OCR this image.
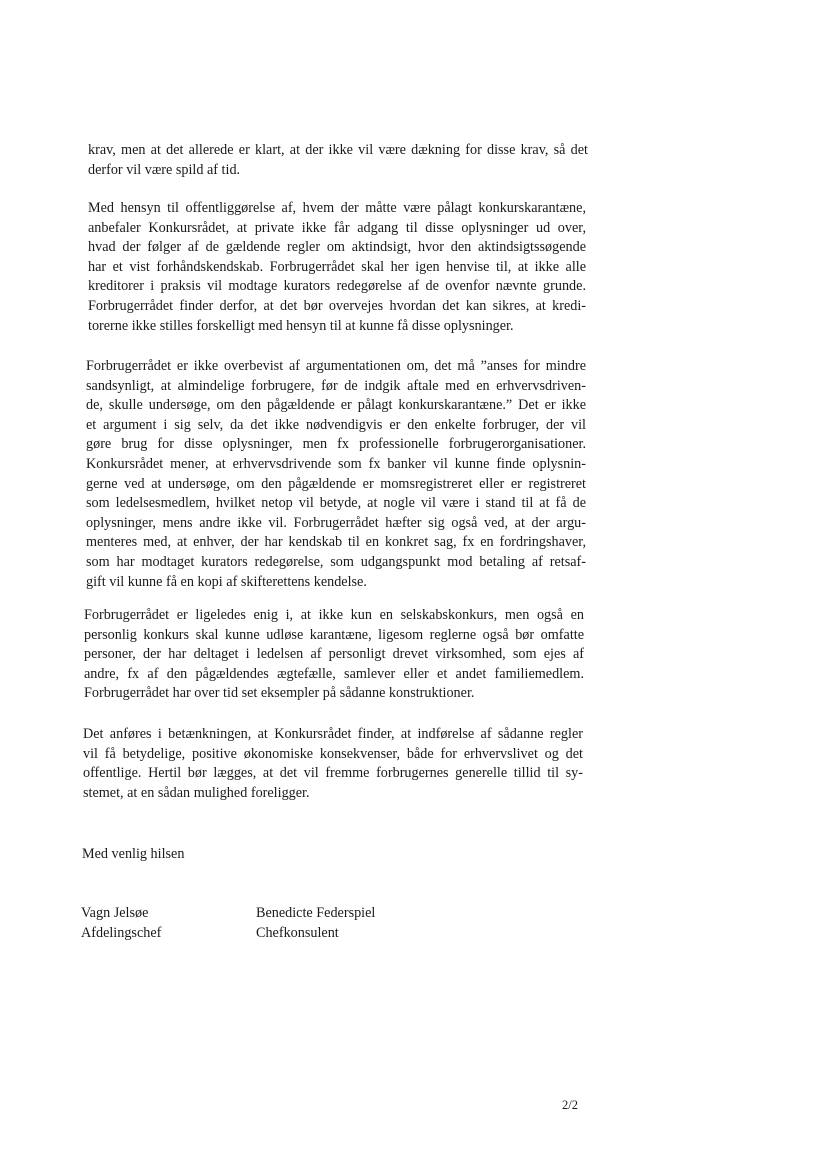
krav, men at det allerede er klart, at der ikke vil være dækning for disse krav, så det
derfor vil være spild af tid.

Med hensyn til offentliggørelse af, hvem der måtte være pålagt konkurskarantæne,
anbefaler Konkursrådet, at private ikke får adgang til disse oplysninger ud over,
hvad der følger af de gældende regler om aktindsigt, hvor den aktindsigtssøgende
har et vist forhåndskendskab. Forbrugerrådet skal her igen henvise til, at ikke alle
kreditorer i praksis vil modtage kurators redegørelse af de ovenfor nævnte grunde.
Forbrugerrådet finder derfor, at det bør overvejes hvordan det kan sikres, at kredi-
torerne ikke stilles forskelligt med hensyn til at kunne få disse oplysninger.

Forbrugerrådet er ikke overbevist af argumentationen om, det må ”anses for mindre
sandsynligt, at almindelige forbrugere, før de indgik aftale med en erhvervsdriven-
de, skulle undersøge, om den pågældende er pålagt konkurskarantæne.” Det er ikke
et argument i sig selv, da det ikke nødvendigvis er den enkelte forbruger, der vil
gøre brug for disse oplysninger, men fx professionelle forbrugerorganisationer.
Konkursrådet mener, at erhvervsdrivende som fx banker vil kunne finde oplysnin-
gerne ved at undersøge, om den pågældende er momsregistreret eller er registreret
som ledelsesmedlem, hvilket netop vil betyde, at nogle vil være i stand til at få de
oplysninger, mens andre ikke vil. Forbrugerrådet hæfter sig også ved, at der argu-
menteres med, at enhver, der har kendskab til en konkret sag, fx en fordringshaver,
som har modtaget kurators redegørelse, som udgangspunkt mod betaling af retsaf-
gift vil kunne få en kopi af skifterettens kendelse.

Forbrugerrådet er ligeledes enig i, at ikke kun en selskabskonkurs, men også en
personlig konkurs skal kunne udløse karantæne, ligesom reglerne også bør omfatte
personer, der har deltaget i ledelsen af personligt drevet virksomhed, som ejes af
andre, fx af den pågældendes ægtefælle, samlever eller et andet familiemedlem.
Forbrugerrådet har over tid set eksempler på sådanne konstruktioner.

Det anføres i betænkningen, at Konkursrådet finder, at indførelse af sådanne regler
vil få betydelige, positive økonomiske konsekvenser, både for erhvervslivet og det
offentlige. Hertil bør lægges, at det vil fremme forbrugernes generelle tillid til sy-
stemet, at en sådan mulighed foreligger.

Med venlig hilsen

Vagn Jelsøe
Afdelingschef

Benedicte Federspiel
Chefkonsulent

2/2
